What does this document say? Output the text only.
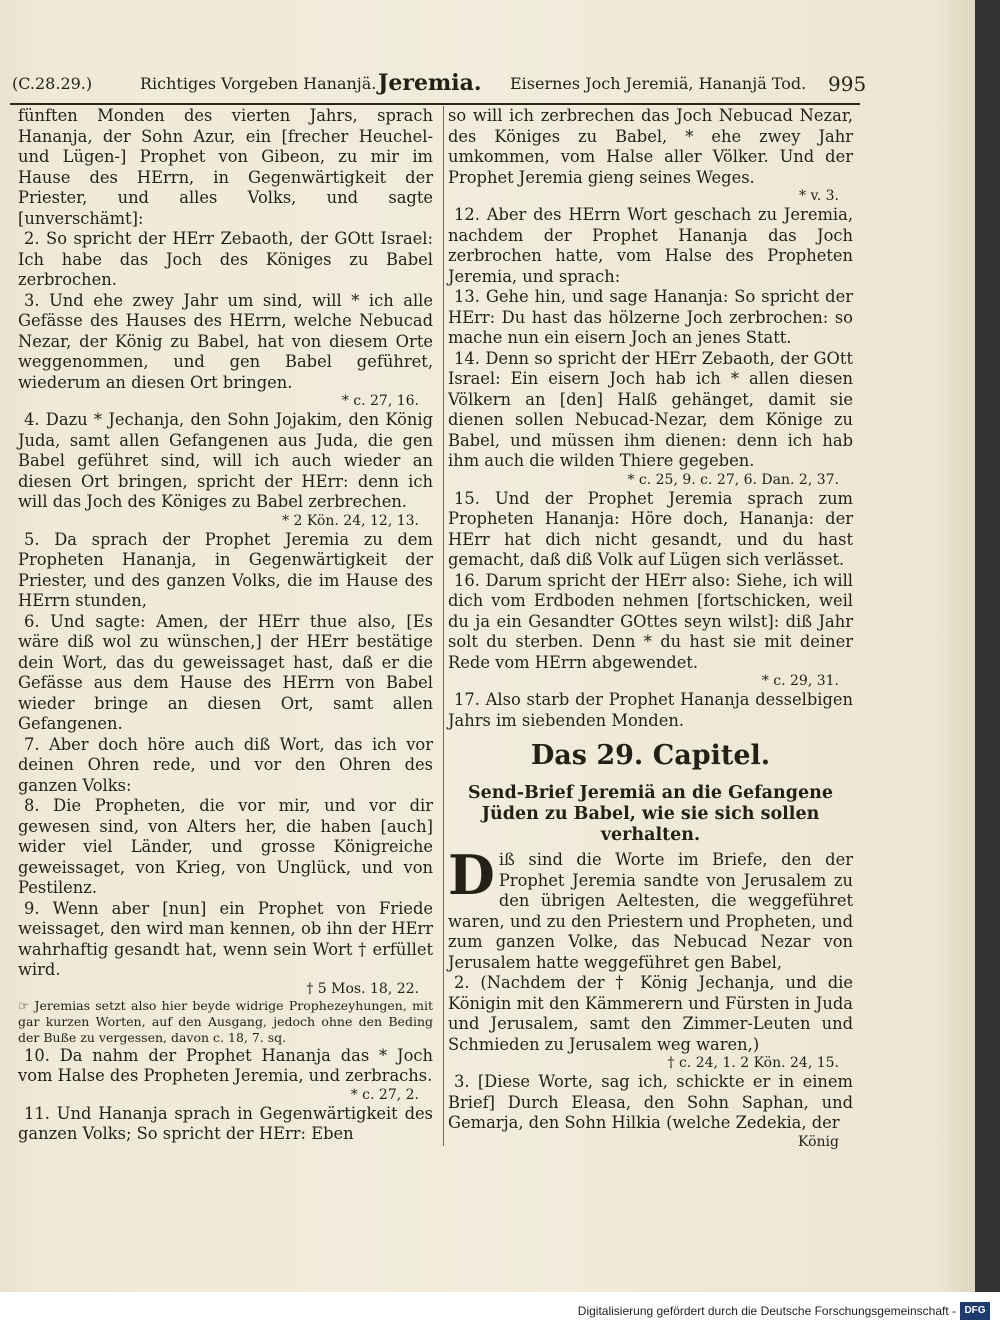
(C.28.29.)	Richtiges Vorgeben Hananjä. Jeremia. Eisernes Joch Jeremiä, Hananjä Tod. 995

fünften Monden des vierten Jahrs, sprach Hananja, der Sohn Azur, ein [frecher Heuchel- und Lügen-] Prophet von Gibeon, zu mir im Hause des HErrn, in Gegenwärtigkeit der Priester, und alles Volks, und sagte [unverschämt]:

2. So spricht der HErr Zebaoth, der GOtt Israel: Ich habe das Joch des Königes zu Babel zerbrochen.

3. Und ehe zwey Jahr um sind, will * ich alle Gefässe des Hauses des HErrn, welche Nebucad Nezar, der König zu Babel, hat von diesem Orte weggenommen, und gen Babel geführet, wiederum an diesen Ort bringen.

* c. 27, 16.

4. Dazu * Jechanja, den Sohn Jojakim, den König Juda, samt allen Gefangenen aus Juda, die gen Babel geführet sind, will ich auch wieder an diesen Ort bringen, spricht der HErr: denn ich will das Joch des Königes zu Babel zerbrechen.

* 2 Kön. 24, 12, 13.

5. Da sprach der Prophet Jeremia zu dem Propheten Hananja, in Gegenwärtigkeit der Priester, und des ganzen Volks, die im Hause des HErrn stunden,

6. Und sagte: Amen, der HErr thue also, [Es wäre diß wol zu wünschen,] der HErr bestätige dein Wort, das du geweissaget hast, daß er die Gefässe aus dem Hause des HErrn von Babel wieder bringe an diesen Ort, samt allen Gefangenen.

7. Aber doch höre auch diß Wort, das ich vor deinen Ohren rede, und vor den Ohren des ganzen Volks:

8. Die Propheten, die vor mir, und vor dir gewesen sind, von Alters her, die haben [auch] wider viel Länder, und grosse Königreiche geweissaget, von Krieg, von Unglück, und von Pestilenz.

9. Wenn aber [nun] ein Prophet von Friede weissaget, den wird man kennen, ob ihn der HErr wahrhaftig gesandt hat, wenn sein Wort † erfüllet wird.

† 5 Mos. 18, 22.

☞ Jeremias setzt also hier beyde widrige Prophezeyhungen, mit gar kurzen Worten, auf den Ausgang, jedoch ohne den Beding der Buße zu vergessen, davon c. 18, 7. sq.

10. Da nahm der Prophet Hananja das * Joch vom Halse des Propheten Jeremia, und zerbrachs.

* c. 27, 2.

11. Und Hananja sprach in Gegenwärtigkeit des ganzen Volks; So spricht der HErr: Eben

so will ich zerbrechen das Joch Nebucad Nezar, des Königes zu Babel, * ehe zwey Jahr umkommen, vom Halse aller Völker. Und der Prophet Jeremia gieng seines Weges.

* v. 3.

12. Aber des HErrn Wort geschach zu Jeremia, nachdem der Prophet Hananja das Joch zerbrochen hatte, vom Halse des Propheten Jeremia, und sprach:

13. Gehe hin, und sage Hananja: So spricht der HErr: Du hast das hölzerne Joch zerbrochen: so mache nun ein eisern Joch an jenes Statt.

14. Denn so spricht der HErr Zebaoth, der GOtt Israel: Ein eisern Joch hab ich * allen diesen Völkern an [den] Halß gehänget, damit sie dienen sollen Nebucad-Nezar, dem Könige zu Babel, und müssen ihm dienen: denn ich hab ihm auch die wilden Thiere gegeben.

* c. 25, 9. c. 27, 6. Dan. 2, 37.

15. Und der Prophet Jeremia sprach zum Propheten Hananja: Höre doch, Hananja: der HErr hat dich nicht gesandt, und du hast gemacht, daß diß Volk auf Lügen sich verlässet.

16. Darum spricht der HErr also: Siehe, ich will dich vom Erdboden nehmen [fortschicken, weil du ja ein Gesandter GOttes seyn wilst]: diß Jahr solt du sterben. Denn * du hast sie mit deiner Rede vom HErrn abgewendet.

* c. 29, 31.

17. Also starb der Prophet Hananja desselbigen Jahrs im siebenden Monden.

Das 29. Capitel.
Send-Brief Jeremiä an die Gefangene Jüden zu Babel, wie sie sich sollen verhalten.

Diß sind die Worte im Briefe, den der Prophet Jeremia sandte von Jerusalem zu den übrigen Aeltesten, die weggeführet waren, und zu den Priestern und Propheten, und zum ganzen Volke, das Nebucad Nezar von Jerusalem hatte weggeführet gen Babel,

2. (Nachdem der † König Jechanja, und die Königin mit den Kämmerern und Fürsten in Juda und Jerusalem, samt den Zimmer-Leuten und Schmieden zu Jerusalem weg waren,)

† c. 24, 1. 2 Kön. 24, 15.

3. [Diese Worte, sag ich, schickte er in einem Brief] Durch Eleasa, den Sohn Saphan, und Gemarja, den Sohn Hilkia (welche Zedekia, der

König
Digitalisierung gefördert durch die Deutsche Forschungsgemeinschaft - DFG
